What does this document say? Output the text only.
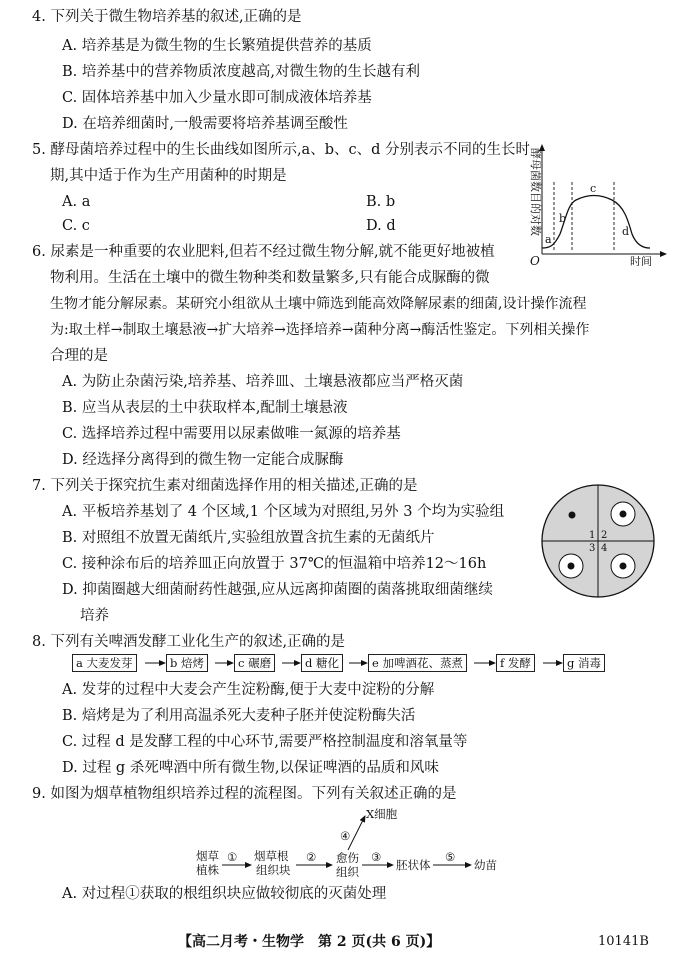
4. 下列关于微生物培养基的叙述,正确的是
A. 培养基是为微生物的生长繁殖提供营养的基质
B. 培养基中的营养物质浓度越高,对微生物的生长越有利
C. 固体培养基中加入少量水即可制成液体培养基
D. 在培养细菌时,一般需要将培养基调至酸性
5. 酵母菌培养过程中的生长曲线如图所示,a、b、c、d 分别表示不同的生长时
期,其中适于作为生产用菌种的时期是
A. a	B. b
C. c	D. d	酵母菌数目的对数
O	时间
a
b
c
d
6. 尿素是一种重要的农业肥料,但若不经过微生物分解,就不能更好地被植
物利用。生活在土壤中的微生物种类和数量繁多,只有能合成脲酶的微
生物才能分解尿素。某研究小组欲从土壤中筛选到能高效降解尿素的细菌,设计操作流程
为:取土样→制取土壤悬液→扩大培养→选择培养→菌种分离→酶活性鉴定。下列相关操作
合理的是
A. 为防止杂菌污染,培养基、培养皿、土壤悬液都应当严格灭菌
B. 应当从表层的土中获取样本,配制土壤悬液
C. 选择培养过程中需要用以尿素做唯一氮源的培养基
D. 经选择分离得到的微生物一定能合成脲酶
7. 下列关于探究抗生素对细菌选择作用的相关描述,正确的是
A. 平板培养基划了 4 个区域,1 个区域为对照组,另外 3 个均为实验组
B. 对照组不放置无菌纸片,实验组放置含抗生素的无菌纸片
C. 接种涂布后的培养皿正向放置于 37℃的恒温箱中培养12～16h
D. 抑菌圈越大细菌耐药性越强,应从远离抑菌圈的菌落挑取细菌继续
培养
1 2
3 4
8. 下列有关啤酒发酵工业化生产的叙述,正确的是
a 大麦发芽	b 焙烤	c 碾磨	d 糖化	e 加啤酒花、蒸煮	f 发酵	g 消毒
A. 发芽的过程中大麦会产生淀粉酶,便于大麦中淀粉的分解
B. 焙烤是为了利用高温杀死大麦种子胚并使淀粉酶失活
C. 过程 d 是发酵工程的中心环节,需要严格控制温度和溶氧量等
D. 过程 g 杀死啤酒中所有微生物,以保证啤酒的品质和风味
9. 如图为烟草植物组织培养过程的流程图。下列有关叙述正确的是
烟草
植株
烟草根
组织块
愈伤
组织	胚状体	幼苗
X细胞
①	②	③
④
⑤
A. 对过程①获取的根组织块应做较彻底的灭菌处理
【高二月考・生物学　第 2 页(共 6 页)】	10141B
